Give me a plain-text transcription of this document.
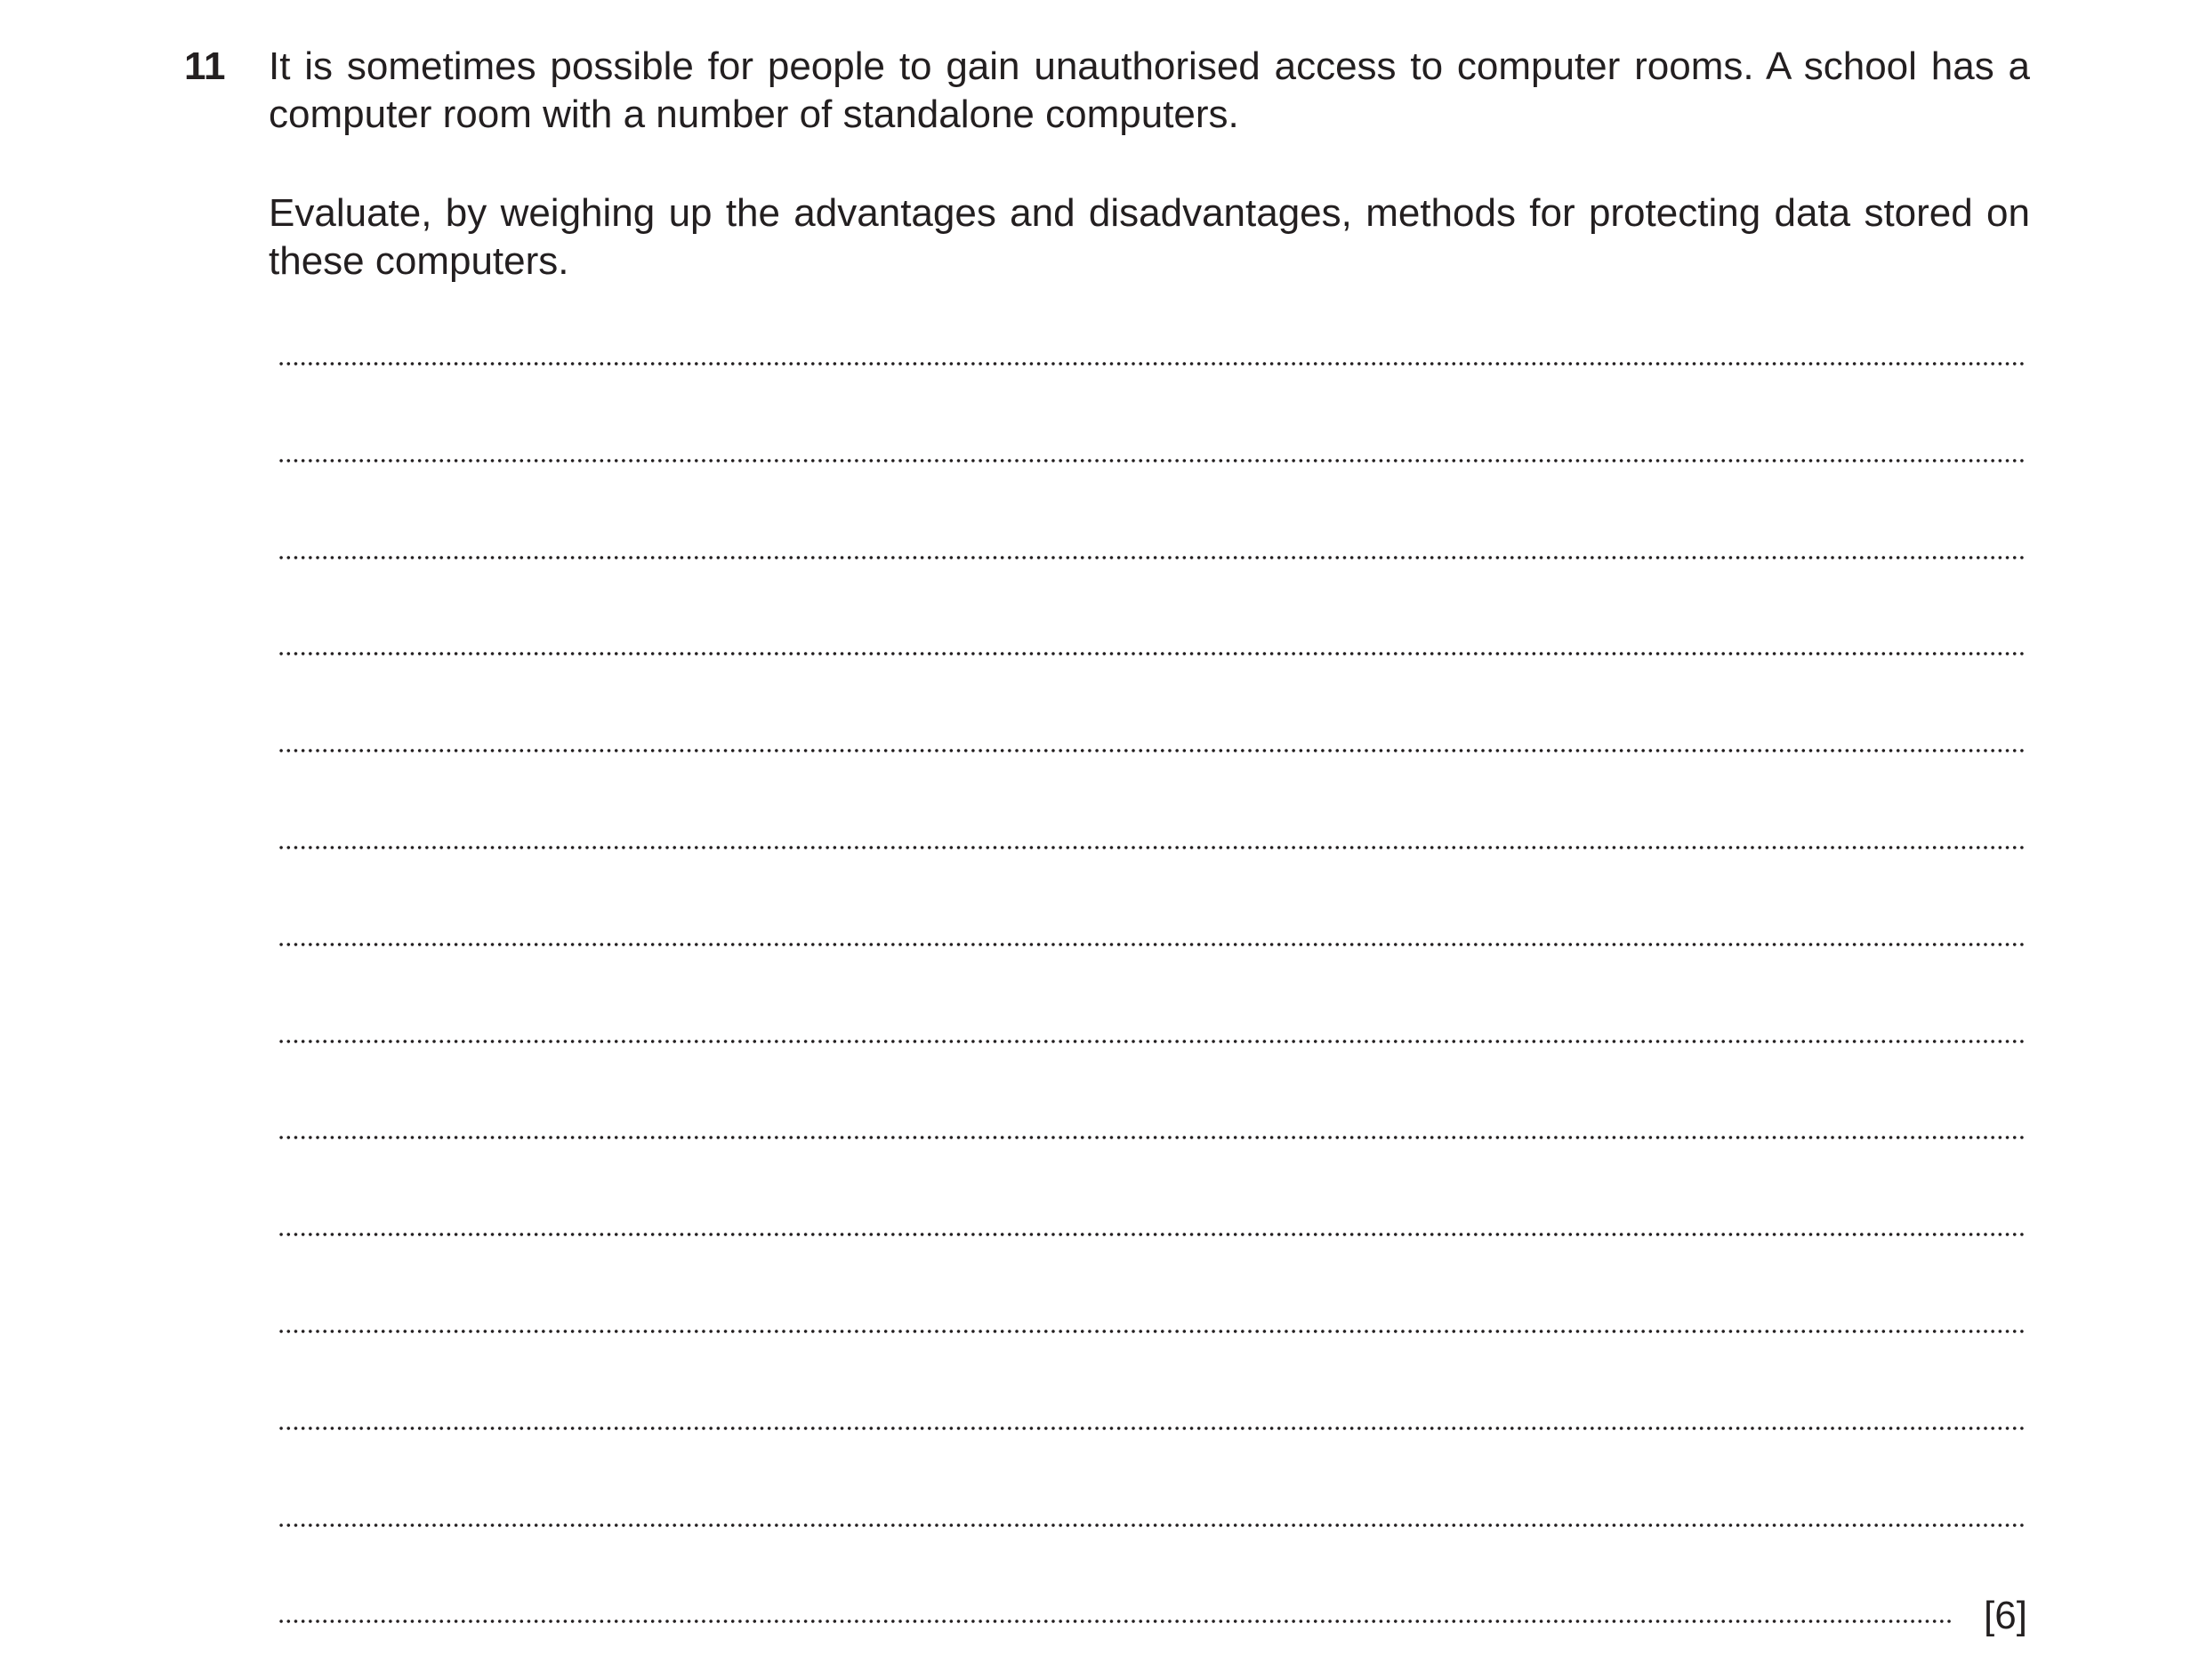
11 It is sometimes possible for people to gain unauthorised access to computer rooms. A school has a computer room with a number of standalone computers.
Evaluate, by weighing up the advantages and disadvantages, methods for protecting data stored on these computers.
[6]
